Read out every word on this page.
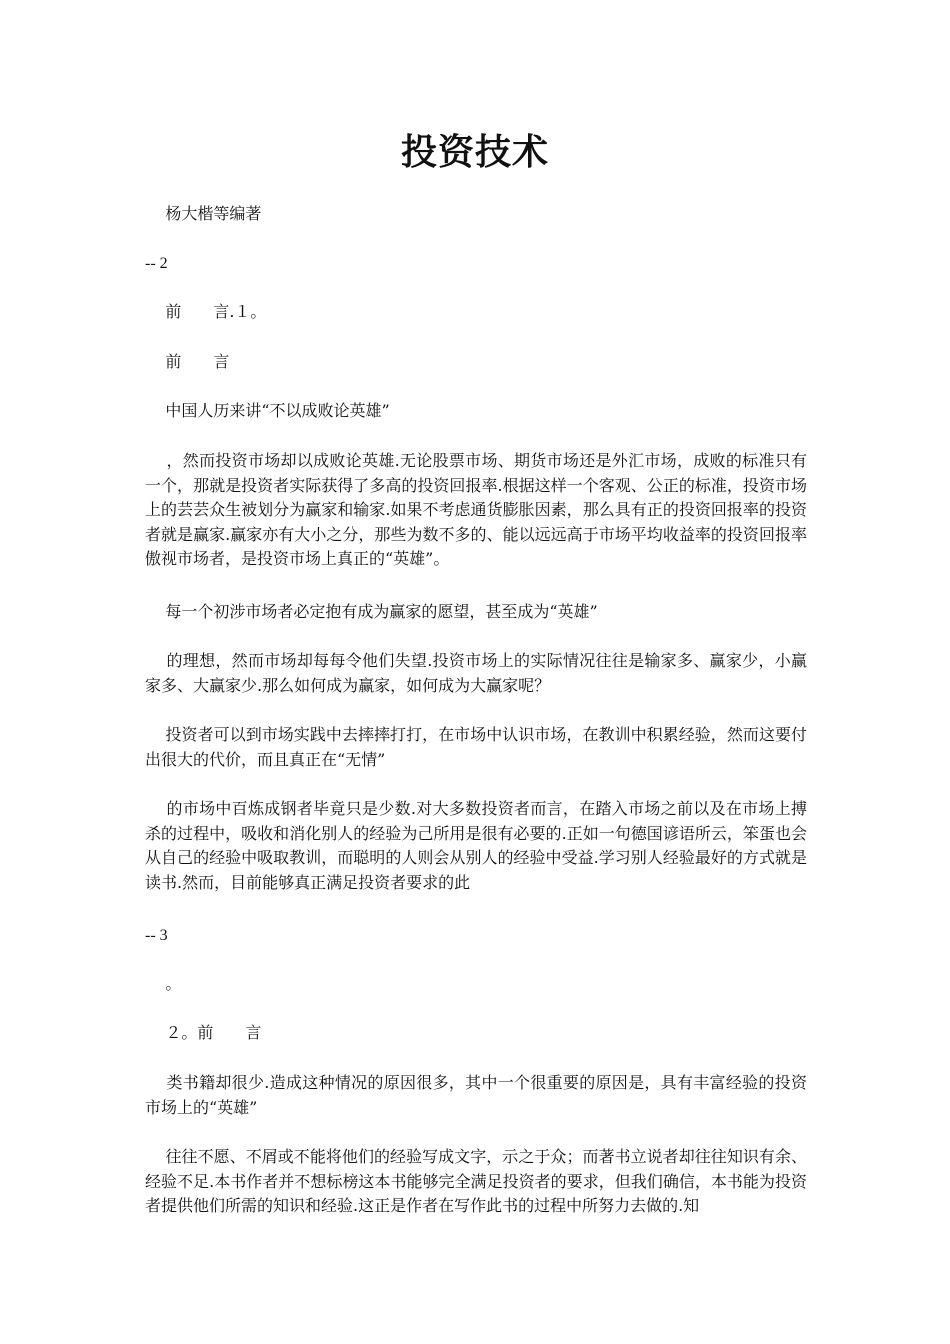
投资技术
杨大楷等编著
-- 2
前　　言.１。
前　　言
中国人历来讲“不以成败论英雄”
，然而投资市场却以成败论英雄.无论股票市场、期货市场还是外汇市场，成败的标准只有一个，那就是投资者实际获得了多高的投资回报率.根据这样一个客观、公正的标准，投资市场上的芸芸众生被划分为赢家和输家.如果不考虑通货膨胀因素，那么具有正的投资回报率的投资者就是赢家.赢家亦有大小之分，那些为数不多的、能以远远高于市场平均收益率的投资回报率傲视市场者，是投资市场上真正的“英雄”。
每一个初涉市场者必定抱有成为赢家的愿望，甚至成为“英雄”
的理想，然而市场却每每令他们失望.投资市场上的实际情况往往是输家多、赢家少，小赢家多、大赢家少.那么如何成为赢家，如何成为大赢家呢？
投资者可以到市场实践中去摔摔打打，在市场中认识市场，在教训中积累经验，然而这要付出很大的代价，而且真正在“无情”
的市场中百炼成钢者毕竟只是少数.对大多数投资者而言，在踏入市场之前以及在市场上搏杀的过程中，吸收和消化别人的经验为己所用是很有必要的.正如一句德国谚语所云，笨蛋也会从自己的经验中吸取教训，而聪明的人则会从别人的经验中受益.学习别人经验最好的方式就是读书.然而，目前能够真正满足投资者要求的此
-- 3
。
２。前　　言
类书籍却很少.造成这种情况的原因很多，其中一个很重要的原因是，具有丰富经验的投资市场上的“英雄”
往往不愿、不屑或不能将他们的经验写成文字，示之于众；而著书立说者却往往知识有余、经验不足.本书作者并不想标榜这本书能够完全满足投资者的要求，但我们确信，本书能为投资者提供他们所需的知识和经验.这正是作者在写作此书的过程中所努力去做的.知
